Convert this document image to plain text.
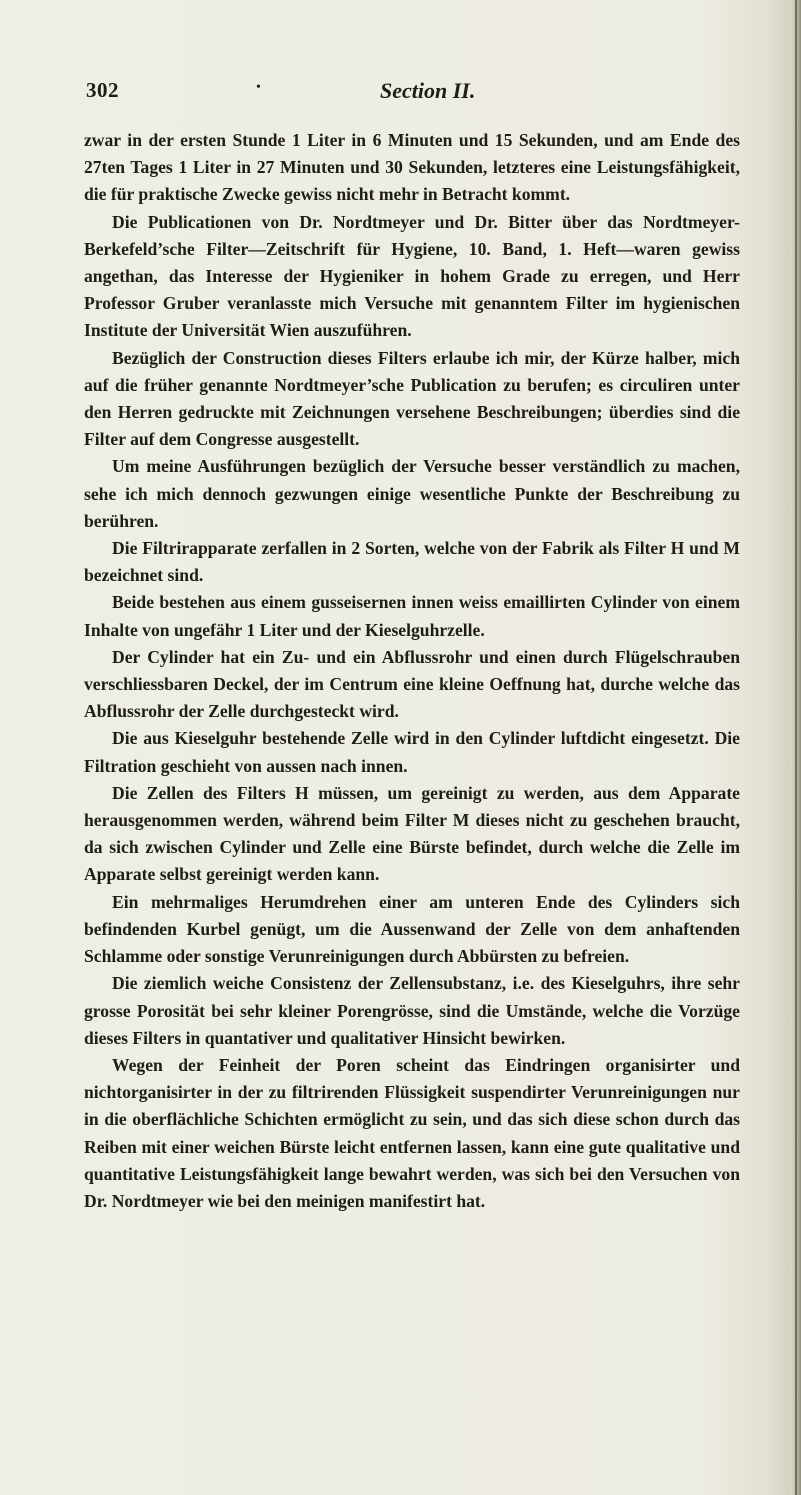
302	•	Section II.

zwar in der ersten Stunde 1 Liter in 6 Minuten und 15 Sekunden, und am Ende des 27ten Tages 1 Liter in 27 Minuten und 30 Sekunden, letzteres eine Leistungsfähigkeit, die für praktische Zwecke gewiss nicht mehr in Betracht kommt.

Die Publicationen von Dr. Nordtmeyer und Dr. Bitter über das Nordtmeyer-Berkefeld’sche Filter—Zeitschrift für Hygiene, 10. Band, 1. Heft—waren gewiss angethan, das Interesse der Hygieniker in hohem Grade zu erregen, und Herr Professor Gruber veranlasste mich Versuche mit genanntem Filter im hygienischen Institute der Universität Wien auszuführen.

Bezüglich der Construction dieses Filters erlaube ich mir, der Kürze halber, mich auf die früher genannte Nordtmeyer’sche Publication zu berufen; es circuliren unter den Herren gedruckte mit Zeichnungen versehene Beschreibungen; überdies sind die Filter auf dem Congresse ausgestellt.

Um meine Ausführungen bezüglich der Versuche besser verständlich zu machen, sehe ich mich dennoch gezwungen einige wesentliche Punkte der Beschreibung zu berühren.

Die Filtrirapparate zerfallen in 2 Sorten, welche von der Fabrik als Filter H und M bezeichnet sind.

Beide bestehen aus einem gusseisernen innen weiss emaillirten Cylinder von einem Inhalte von ungefähr 1 Liter und der Kieselguhrzelle.

Der Cylinder hat ein Zu- und ein Abflussrohr und einen durch Flügelschrauben verschliessbaren Deckel, der im Centrum eine kleine Oeffnung hat, durche welche das Abflussrohr der Zelle durchgesteckt wird.

Die aus Kieselguhr bestehende Zelle wird in den Cylinder luftdicht eingesetzt. Die Filtration geschieht von aussen nach innen.

Die Zellen des Filters H müssen, um gereinigt zu werden, aus dem Apparate herausgenommen werden, während beim Filter M dieses nicht zu geschehen braucht, da sich zwischen Cylinder und Zelle eine Bürste befindet, durch welche die Zelle im Apparate selbst gereinigt werden kann.

Ein mehrmaliges Herumdrehen einer am unteren Ende des Cylinders sich befindenden Kurbel genügt, um die Aussenwand der Zelle von dem anhaftenden Schlamme oder sonstige Verunreinigungen durch Abbürsten zu befreien.

Die ziemlich weiche Consistenz der Zellensubstanz, i.e. des Kieselguhrs, ihre sehr grosse Porosität bei sehr kleiner Porengrösse, sind die Umstände, welche die Vorzüge dieses Filters in quantativer und qualitativer Hinsicht bewirken.

Wegen der Feinheit der Poren scheint das Eindringen organisirter und nichtorganisirter in der zu filtrirenden Flüssigkeit suspendirter Verunreinigungen nur in die oberflächliche Schichten ermöglicht zu sein, und das sich diese schon durch das Reiben mit einer weichen Bürste leicht entfernen lassen, kann eine gute qualitative und quantitative Leistungsfähigkeit lange bewahrt werden, was sich bei den Versuchen von Dr. Nordtmeyer wie bei den meinigen manifestirt hat.
